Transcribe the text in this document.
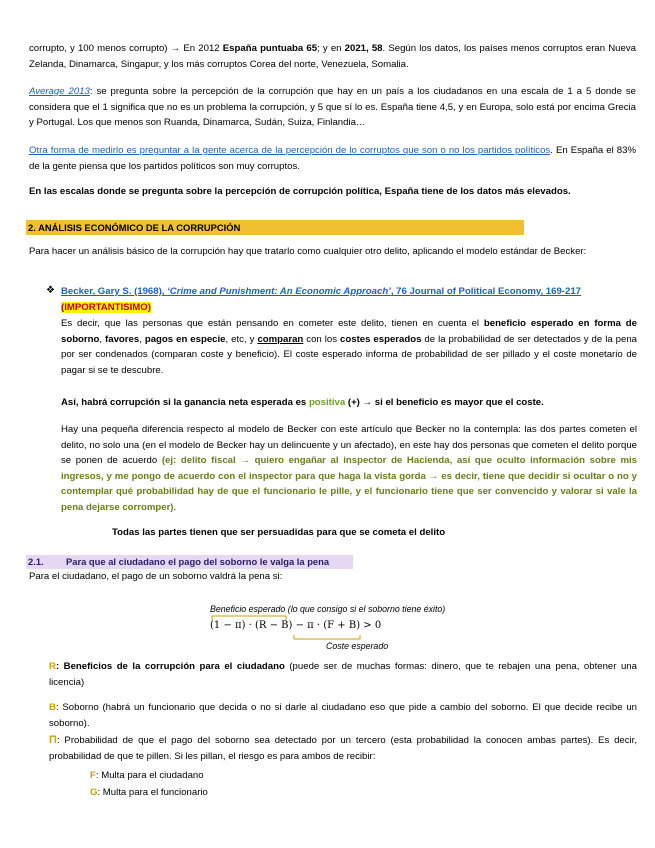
corrupto, y 100 menos corrupto) → En 2012 España puntuaba 65; y en 2021, 58. Según los datos, los países menos corruptos eran Nueva Zelanda, Dinamarca, Singapur, y los más corruptos Corea del norte, Venezuela, Somalia.

Average 2013: se pregunta sobre la percepción de la corrupción que hay en un país a los ciudadanos en una escala de 1 a 5 donde se considera que el 1 significa que no es un problema la corrupción, y 5 que sí lo es. España tiene 4,5, y en Europa, solo está por encima Grecia y Portugal. Los que menos son Ruanda, Dinamarca, Sudán, Suiza, Finlandia…

Otra forma de medirlo es preguntar a la gente acerca de la percepción de lo corruptos que son o no los partidos políticos. En España el 83% de la gente piensa que los partidos políticos son muy corruptos.

En las escalas donde se pregunta sobre la percepción de corrupción política, España tiene de los datos más elevados.

2. ANÁLISIS ECONÓMICO DE LA CORRUPCIÓN

Para hacer un análisis básico de la corrupción hay que tratarlo como cualquier otro delito, aplicando el modelo estándar de Becker:

❖ Becker, Gary S. (1968), ‘Crime and Punishment: An Economic Approach’, 76 Journal of Political Economy, 169-217
(IMPORTANTISIMO)

Es decir, que las personas que están pensando en cometer este delito, tienen en cuenta el beneficio esperado en forma de soborno, favores, pagos en especie, etc, y comparan con los costes esperados de la probabilidad de ser detectados y de la pena por ser condenados (comparan coste y beneficio). El coste esperado informa de probabilidad de ser pillado y el coste monetario de pagar si se te descubre.

Así, habrá corrupción si la ganancia neta esperada es positiva (+) → si el beneficio es mayor que el coste.

Hay una pequeña diferencia respecto al modelo de Becker con este artículo que Becker no la contempla: las dos partes cometen el delito, no solo una (en el modelo de Becker hay un delincuente y un afectado), en este hay dos personas que cometen el delito porque se ponen de acuerdo (ej: delito fiscal → quiero engañar al inspector de Hacienda, así que oculto información sobre mis ingresos, y me pongo de acuerdo con el inspector para que haga la vista gorda → es decir, tiene que decidir si ocultar o no y contemplar qué probabilidad hay de que el funcionario le pille, y el funcionario tiene que ser convencido y valorar si vale la pena dejarse corromper).

Todas las partes tienen que ser persuadidas para que se cometa el delito

2.1. Para que al ciudadano el pago del soborno le valga la pena

Para el ciudadano, el pago de un soborno valdrá la pena si:

Beneficio esperado (lo que consigo si el soborno tiene éxito)
(1 − π) · (R − B) − π · (F + B) > 0
Coste esperado

R: Beneficios de la corrupción para el ciudadano (puede ser de muchas formas: dinero, que te rebajen una pena, obtener una licencia)

B: Soborno (habrá un funcionario que decida o no si darle al ciudadano eso que pide a cambio del soborno. El que decide recibe un soborno).

Π: Probabilidad de que el pago del soborno sea detectado por un tercero (esta probabilidad la conocen ambas partes). Es decir, probabilidad de que te pillen. Si les pillan, el riesgo es para ambos de recibir:

F: Multa para el ciudadano

G: Multa para el funcionario
